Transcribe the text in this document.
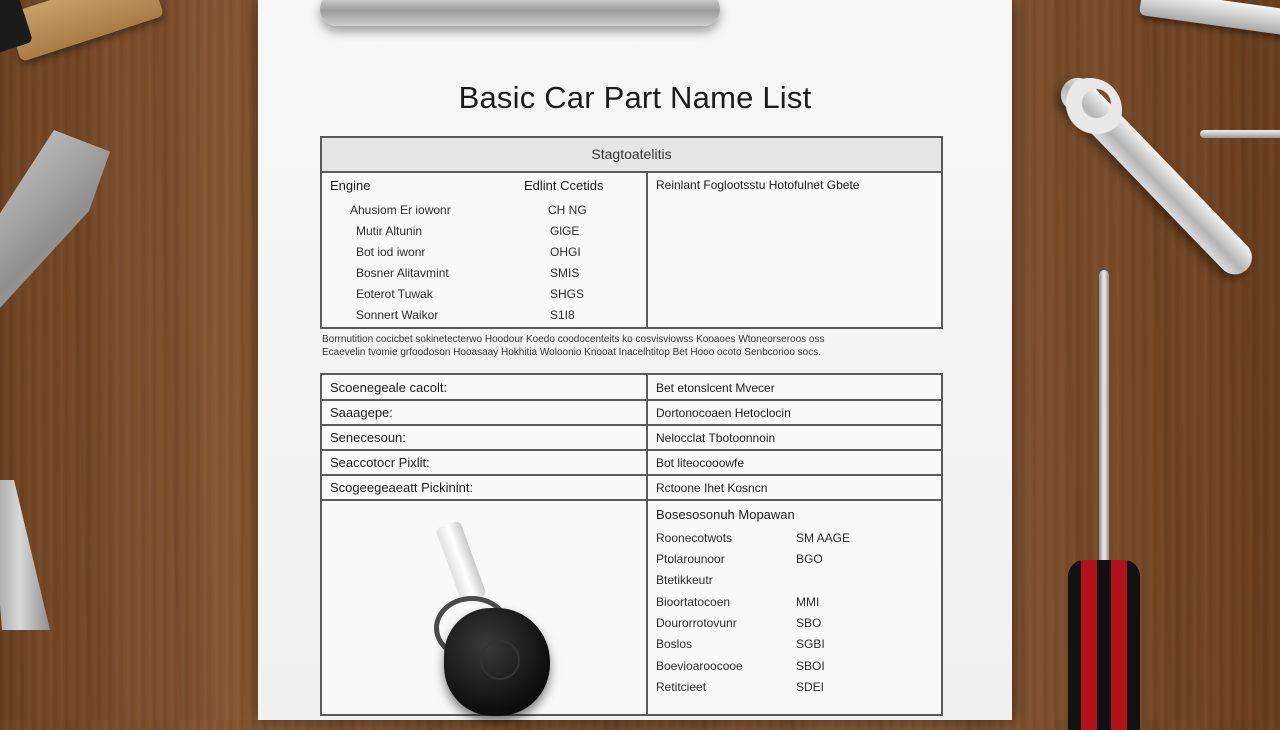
Basic Car Part Name List
Stagtoatelitis
Engine	Edlint Ccetids
Ahusiom Er iowonr	CH NG
Mutir Altunin	GlGE
Bot iod iwonr	OHGI
Bosner Alitavmint	SMIS
Eoterot Tuwak	SHGS
Sonnert Waikor	S1I8
Reinlant Foglootsstu Hotofulnet Gbete
Borrnutition cocicbet sokinetecterwo Hoodour Koedo coodocenteits ko cosvisviowss Kooaoes Wtoneorseroos oss
Ecaevelin tvomie grfoodoson Hooasaay Hokhitia Woloonio Knooat Inacelhtitop Bet Hooo ocoto Senbcorioo socs.
Scoenegeale cacolt:	Bet etonslcent Mvecer
Saaagepe:	Dortonocoaen Hetoclocin
Senecesoun:	Nelocclat Tbotoonnoin
Seaccotocr Pixlit:	Bot liteocooowfe
Scogeegeaeatt Pickinint:	Rctoone Ihet Kosncn
Bosesosonuh Mopawan
Roonecotwots	SM AAGE
Ptolarounoor	BGO
Btetikkeutr
Bioortatocoen	MMI
Dourorrotovunr	SBO
Boslos	SGBI
Boevioaroocooe	SBOI
Retitcieet	SDEI
